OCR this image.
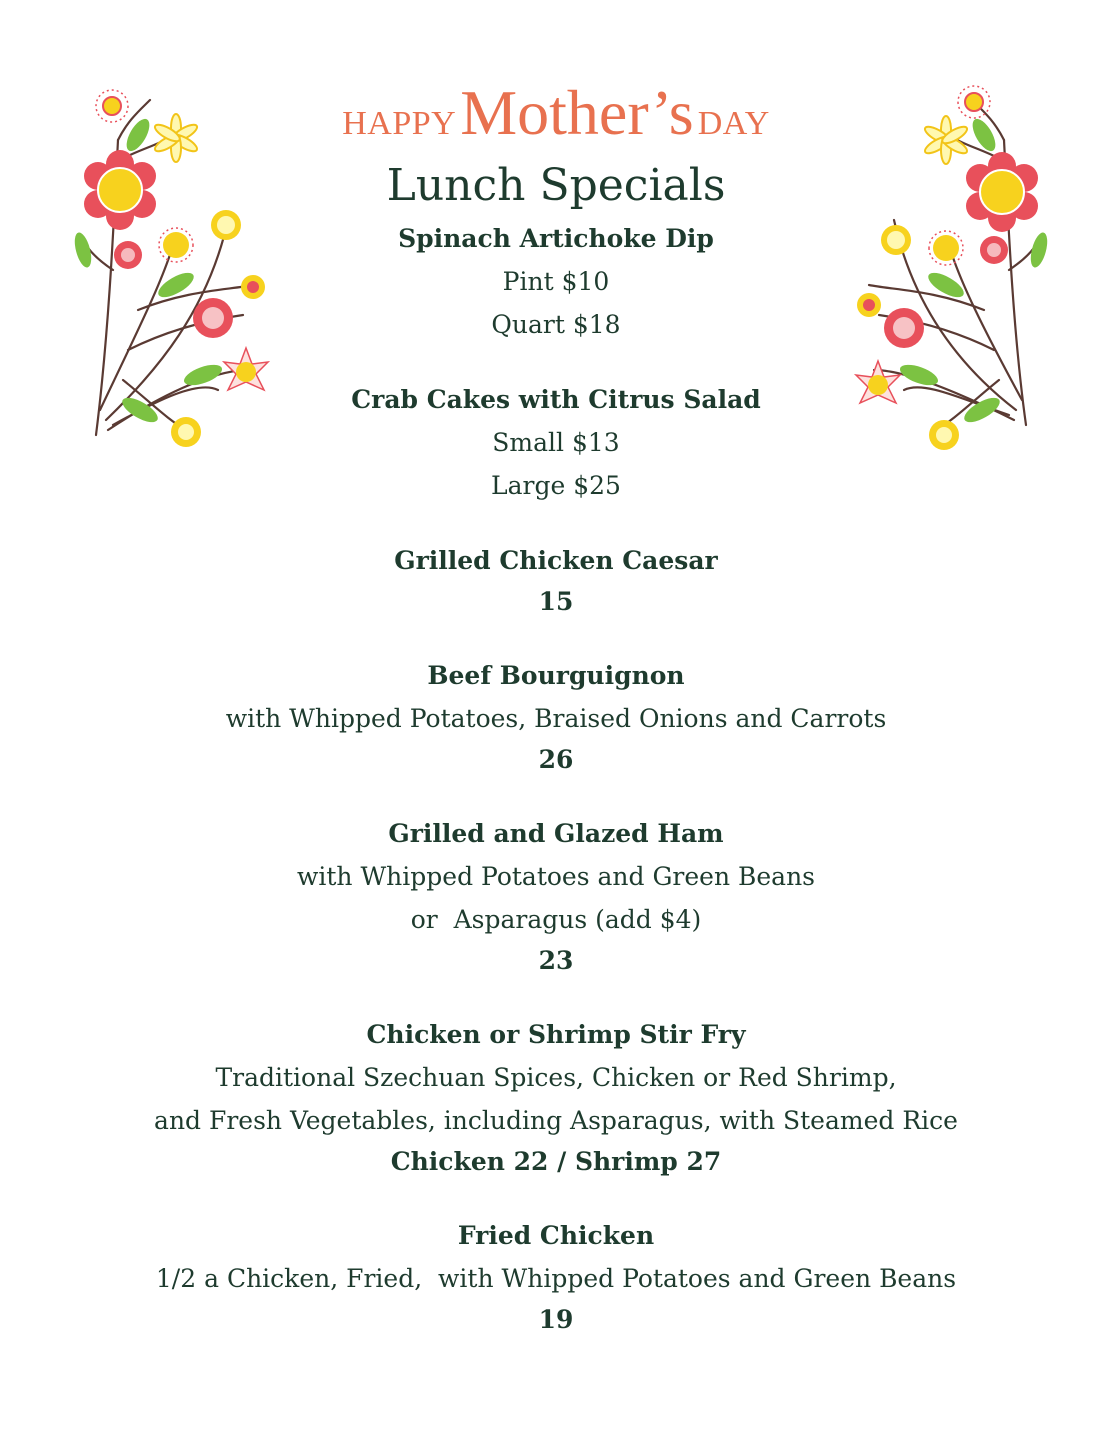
HAPPY Mother’s DAY
Lunch Specials
Spinach Artichoke Dip
Pint $10
Quart $18
Crab Cakes with Citrus Salad
Small $13
Large $25
Grilled Chicken Caesar
15
Beef Bourguignon
with Whipped Potatoes, Braised Onions and Carrots
26
Grilled and Glazed Ham
with Whipped Potatoes and Green Beans
or  Asparagus (add $4)
23
Chicken or Shrimp Stir Fry
Traditional Szechuan Spices, Chicken or Red Shrimp,
and Fresh Vegetables, including Asparagus, with Steamed Rice
Chicken 22 / Shrimp 27
Fried Chicken
1/2 a Chicken, Fried,  with Whipped Potatoes and Green Beans
19
